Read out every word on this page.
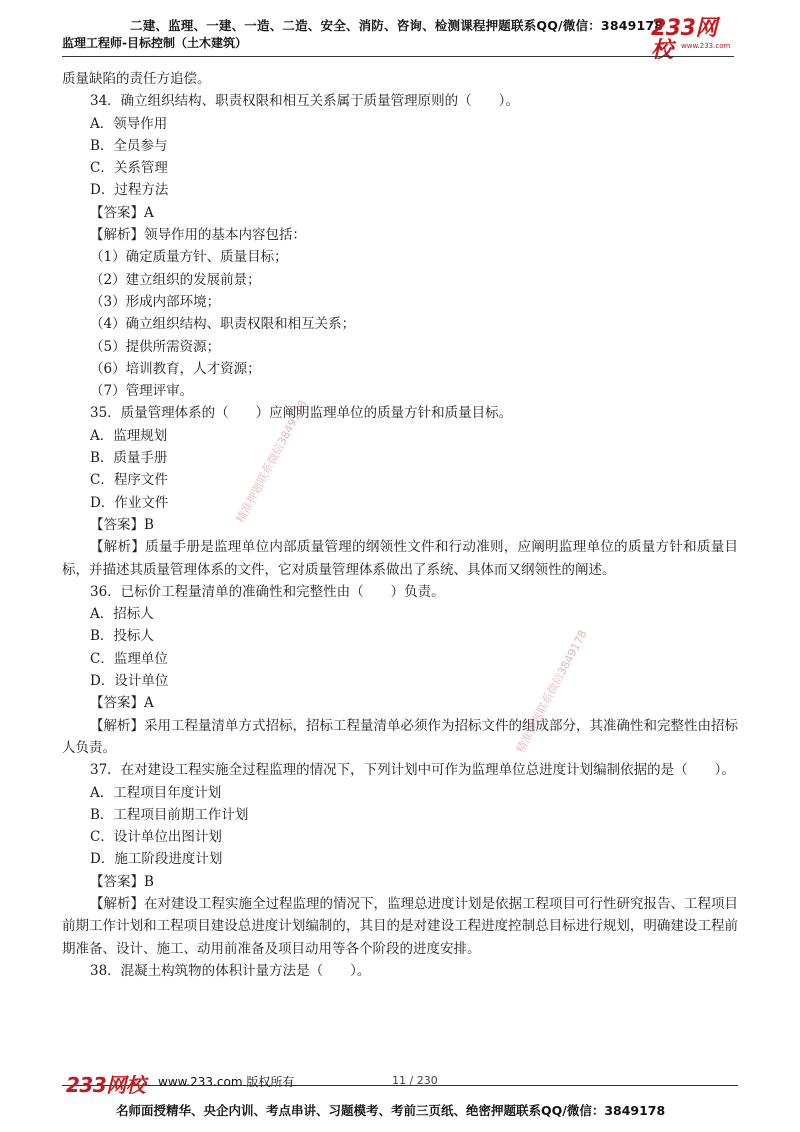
二建、监理、一建、一造、二造、安全、消防、咨询、检测课程押题联系QQ/微信：3849178
监理工程师-目标控制（土木建筑）
233网校	www.233.com
精准押题联系微信3849178
精准押题联系微信3849178
质量缺陷的责任方追偿。
34．确立组织结构、职责权限和相互关系属于质量管理原则的（　　）。
A．领导作用
B．全员参与
C．关系管理
D．过程方法
【答案】A
【解析】领导作用的基本内容包括：
（1）确定质量方针、质量目标；
（2）建立组织的发展前景；
（3）形成内部环境；
（4）确立组织结构、职责权限和相互关系；
（5）提供所需资源；
（6）培训教育，人才资源；
（7）管理评审。
35．质量管理体系的（　　）应阐明监理单位的质量方针和质量目标。
A．监理规划
B．质量手册
C．程序文件
D．作业文件
【答案】B
【解析】质量手册是监理单位内部质量管理的纲领性文件和行动准则，应阐明监理单位的质量方针和质量目标，并描述其质量管理体系的文件，它对质量管理体系做出了系统、具体而又纲领性的阐述。
36．已标价工程量清单的准确性和完整性由（　　）负责。
A．招标人
B．投标人
C．监理单位
D．设计单位
【答案】A
【解析】采用工程量清单方式招标，招标工程量清单必须作为招标文件的组成部分，其准确性和完整性由招标人负责。
37．在对建设工程实施全过程监理的情况下，下列计划中可作为监理单位总进度计划编制依据的是（　　）。
A．工程项目年度计划
B．工程项目前期工作计划
C．设计单位出图计划
D．施工阶段进度计划
【答案】B
【解析】在对建设工程实施全过程监理的情况下，监理总进度计划是依据工程项目可行性研究报告、工程项目前期工作计划和工程项目建设总进度计划编制的，其目的是对建设工程进度控制总目标进行规划，明确建设工程前期准备、设计、施工、动用前准备及项目动用等各个阶段的进度安排。
38．混凝土构筑物的体积计量方法是（　　）。
233网校 www.233.com 版权所有	11 / 230
名师面授精华、央企内训、考点串讲、习题模考、考前三页纸、绝密押题联系QQ/微信：3849178
